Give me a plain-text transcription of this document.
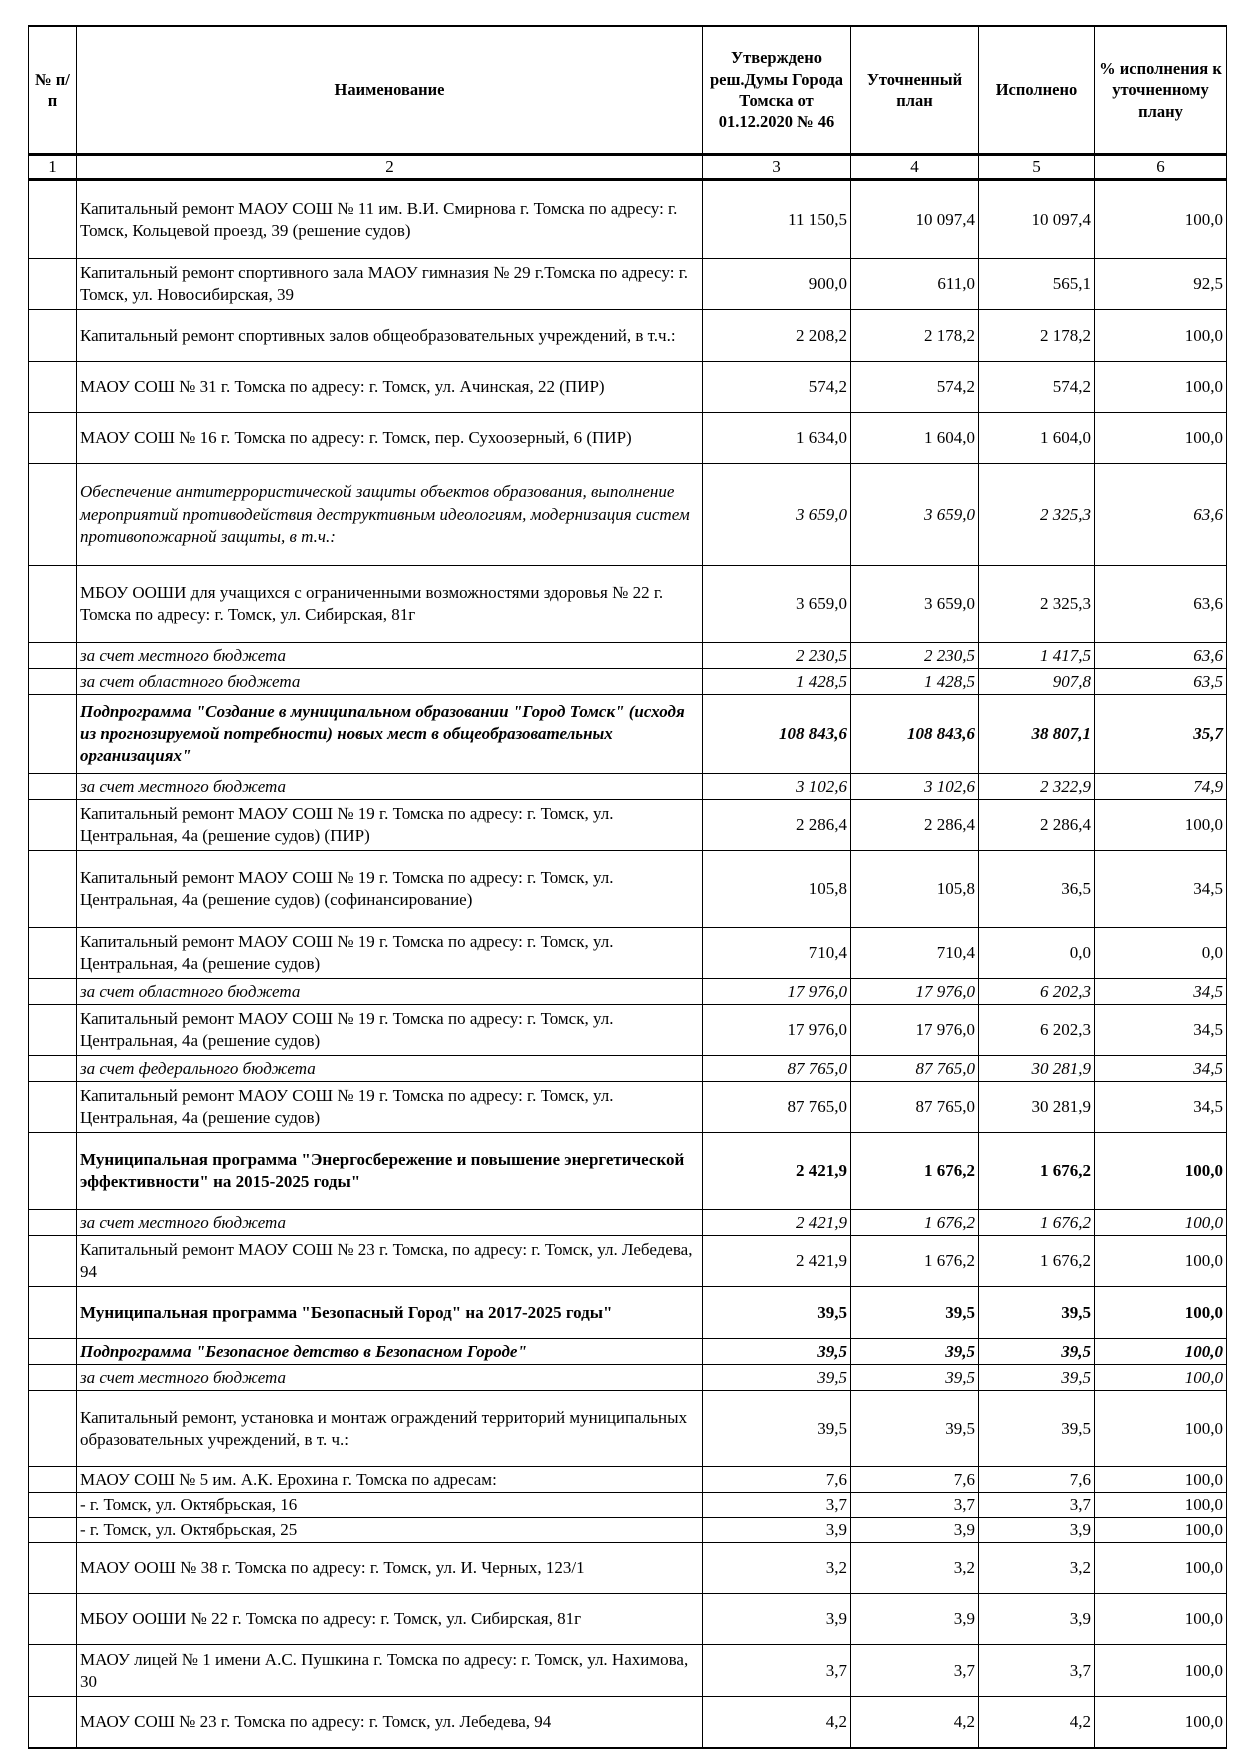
№ п/п	Наименование	Утверждено реш.Думы Города Томска от 01.12.2020 № 46	Уточненный план	Исполнено	% исполнения к уточненному плану
1	2	3	4	5	6
	Капитальный ремонт МАОУ СОШ № 11 им. В.И. Смирнова г. Томска по адресу: г. Томск, Кольцевой проезд, 39 (решение судов)	11 150,5	10 097,4	10 097,4	100,0
	Капитальный ремонт спортивного зала МАОУ гимназия № 29 г.Томска по адресу: г. Томск, ул. Новосибирская, 39	900,0	611,0	565,1	92,5
	Капитальный ремонт спортивных залов общеобразовательных учреждений, в т.ч.:	2 208,2	2 178,2	2 178,2	100,0
	МАОУ СОШ № 31 г. Томска по адресу: г. Томск, ул. Ачинская, 22 (ПИР)	574,2	574,2	574,2	100,0
	МАОУ СОШ № 16 г. Томска по адресу: г. Томск, пер. Сухоозерный, 6 (ПИР)	1 634,0	1 604,0	1 604,0	100,0
	Обеспечение антитеррористической защиты объектов образования, выполнение мероприятий противодействия деструктивным идеологиям, модернизация систем противопожарной защиты, в т.ч.:	3 659,0	3 659,0	2 325,3	63,6
	МБОУ ООШИ для учащихся с ограниченными возможностями здоровья № 22 г. Томска по адресу: г. Томск, ул. Сибирская, 81г	3 659,0	3 659,0	2 325,3	63,6
	за счет местного бюджета	2 230,5	2 230,5	1 417,5	63,6
	за счет областного бюджета	1 428,5	1 428,5	907,8	63,5
	Подпрограмма "Создание в муниципальном образовании "Город Томск" (исходя из прогнозируемой потребности) новых мест в общеобразовательных организациях"	108 843,6	108 843,6	38 807,1	35,7
	за счет местного бюджета	3 102,6	3 102,6	2 322,9	74,9
	Капитальный ремонт МАОУ СОШ № 19 г. Томска по адресу: г. Томск, ул. Центральная, 4а (решение судов) (ПИР)	2 286,4	2 286,4	2 286,4	100,0
	Капитальный ремонт МАОУ СОШ № 19 г. Томска по адресу: г. Томск, ул. Центральная, 4а (решение судов) (софинансирование)	105,8	105,8	36,5	34,5
	Капитальный ремонт МАОУ СОШ № 19 г. Томска по адресу: г. Томск, ул. Центральная, 4а (решение судов)	710,4	710,4	0,0	0,0
	за счет областного бюджета	17 976,0	17 976,0	6 202,3	34,5
	Капитальный ремонт МАОУ СОШ № 19 г. Томска по адресу: г. Томск, ул. Центральная, 4а (решение судов)	17 976,0	17 976,0	6 202,3	34,5
	за счет федерального бюджета	87 765,0	87 765,0	30 281,9	34,5
	Капитальный ремонт МАОУ СОШ № 19 г. Томска по адресу: г. Томск, ул. Центральная, 4а (решение судов)	87 765,0	87 765,0	30 281,9	34,5
	Муниципальная программа "Энергосбережение и повышение энергетической эффективности" на 2015-2025 годы"	2 421,9	1 676,2	1 676,2	100,0
	за счет местного бюджета	2 421,9	1 676,2	1 676,2	100,0
	Капитальный ремонт МАОУ СОШ № 23 г. Томска, по адресу: г. Томск, ул. Лебедева, 94	2 421,9	1 676,2	1 676,2	100,0
	Муниципальная программа "Безопасный Город" на 2017-2025 годы"	39,5	39,5	39,5	100,0
	Подпрограмма "Безопасное детство в Безопасном Городе"	39,5	39,5	39,5	100,0
	за счет местного бюджета	39,5	39,5	39,5	100,0
	Капитальный ремонт, установка и монтаж ограждений территорий муниципальных образовательных учреждений, в т. ч.:	39,5	39,5	39,5	100,0
	МАОУ СОШ № 5 им. А.К. Ерохина г. Томска по адресам:	7,6	7,6	7,6	100,0
	- г. Томск, ул. Октябрьская, 16	3,7	3,7	3,7	100,0
	- г. Томск, ул. Октябрьская, 25	3,9	3,9	3,9	100,0
	МАОУ ООШ № 38 г. Томска по адресу: г. Томск, ул. И. Черных, 123/1	3,2	3,2	3,2	100,0
	МБОУ ООШИ № 22 г. Томска по адресу: г. Томск, ул. Сибирская, 81г	3,9	3,9	3,9	100,0
	МАОУ лицей № 1 имени А.С. Пушкина г. Томска по адресу: г. Томск, ул. Нахимова, 30	3,7	3,7	3,7	100,0
	МАОУ СОШ № 23 г. Томска по адресу: г. Томск, ул. Лебедева, 94	4,2	4,2	4,2	100,0
